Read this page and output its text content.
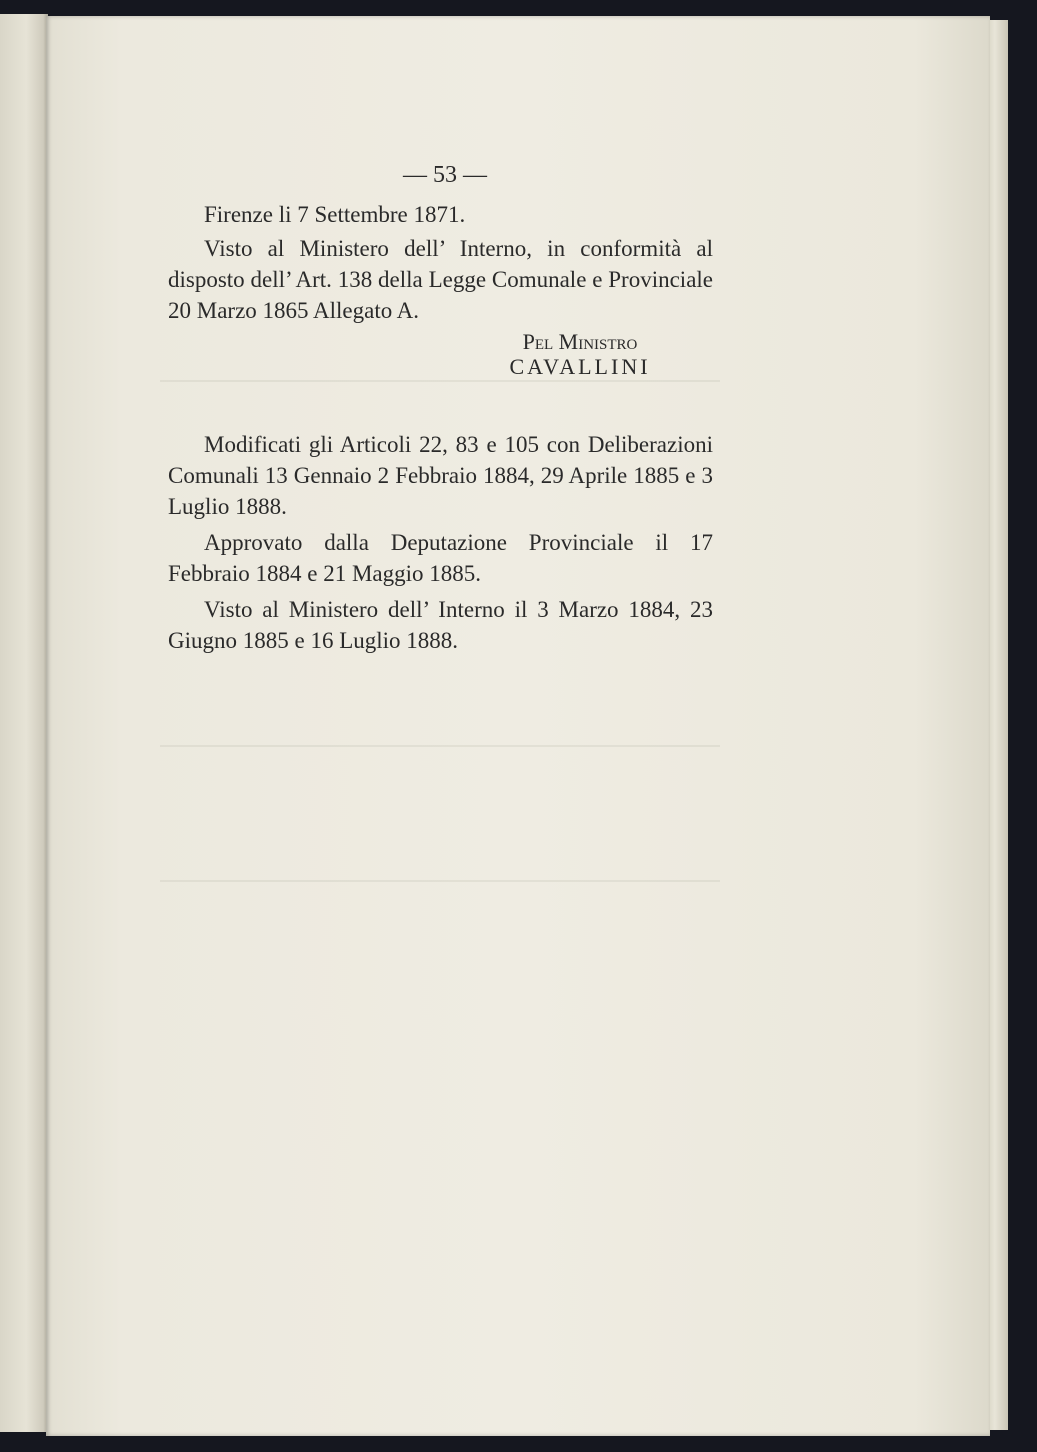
— 53 —
Firenze li 7 Settembre 1871.
Visto al Ministero dell’ Interno, in conformità al disposto dell’ Art. 138 della Legge Comunale e Provinciale 20 Marzo 1865 Allegato A.
Pel Ministro
CAVALLINI
Modificati gli Articoli 22, 83 e 105 con Deliberazioni Comunali 13 Gennaio 2 Febbraio 1884, 29 Aprile 1885 e 3 Luglio 1888.
Approvato dalla Deputazione Provinciale il 17 Febbraio 1884 e 21 Maggio 1885.
Visto al Ministero dell’ Interno il 3 Marzo 1884, 23 Giugno 1885 e 16 Luglio 1888.
